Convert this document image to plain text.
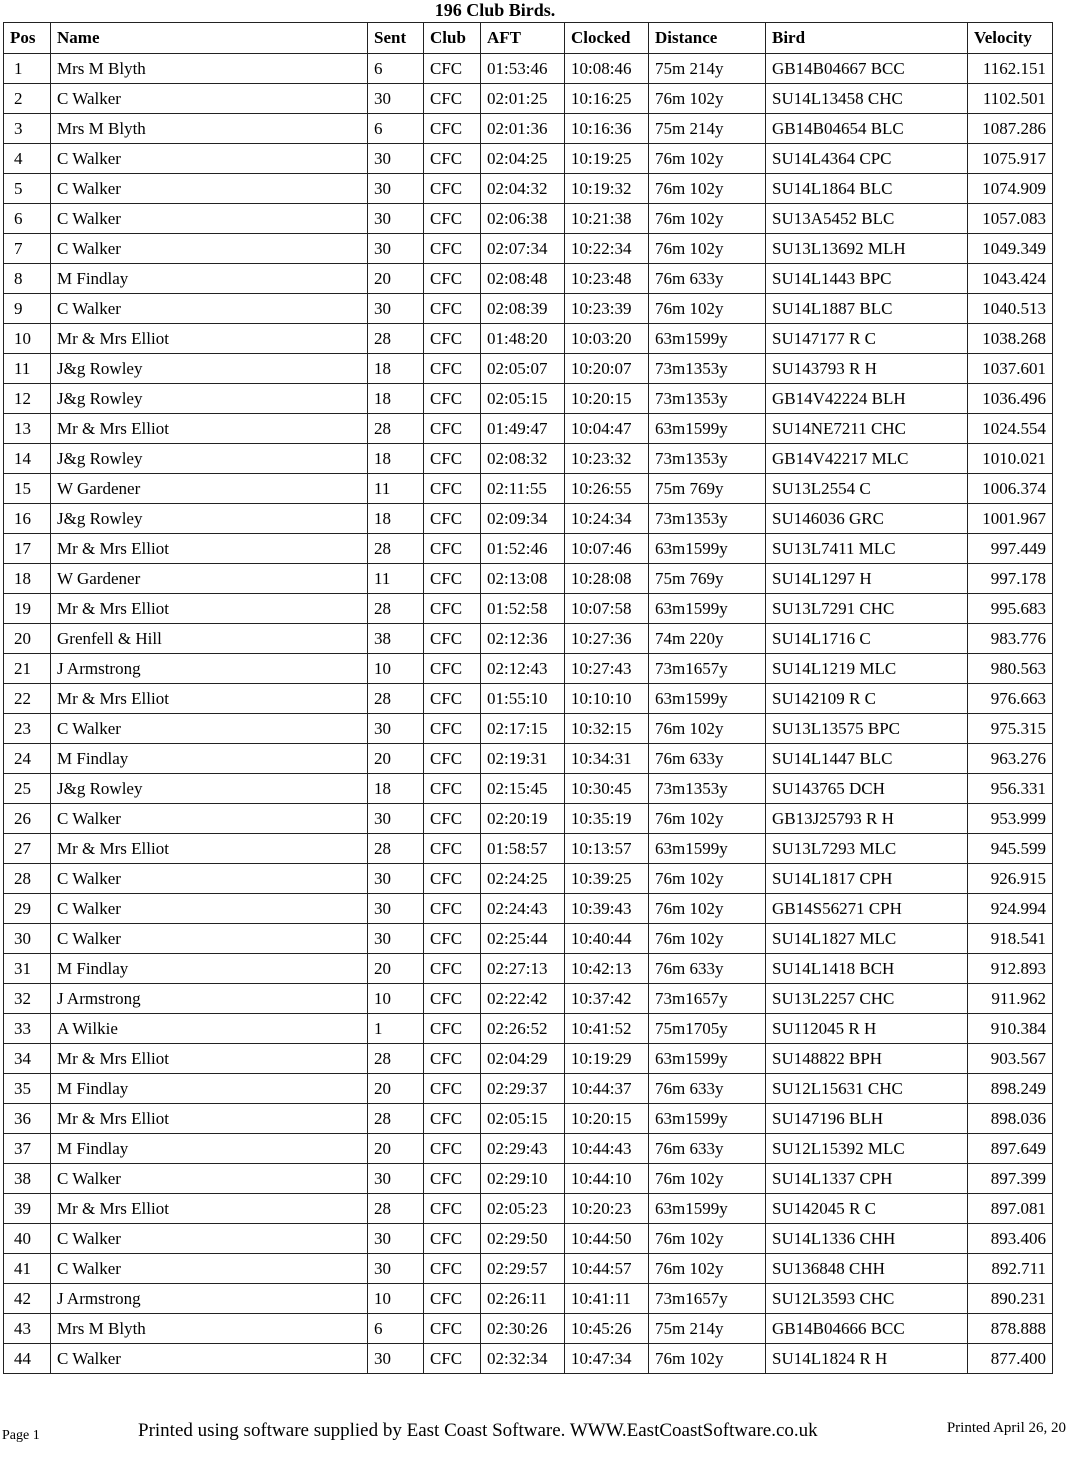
196 Club Birds.
Pos	Name	Sent	Club	AFT	Clocked	Distance	Bird	Velocity
1	Mrs M Blyth	6	CFC	01:53:46	10:08:46	75m 214y	GB14B04667 BCC	1162.151
2	C Walker	30	CFC	02:01:25	10:16:25	76m 102y	SU14L13458 CHC	1102.501
3	Mrs M Blyth	6	CFC	02:01:36	10:16:36	75m 214y	GB14B04654 BLC	1087.286
4	C Walker	30	CFC	02:04:25	10:19:25	76m 102y	SU14L4364 CPC	1075.917
5	C Walker	30	CFC	02:04:32	10:19:32	76m 102y	SU14L1864 BLC	1074.909
6	C Walker	30	CFC	02:06:38	10:21:38	76m 102y	SU13A5452 BLC	1057.083
7	C Walker	30	CFC	02:07:34	10:22:34	76m 102y	SU13L13692 MLH	1049.349
8	M Findlay	20	CFC	02:08:48	10:23:48	76m 633y	SU14L1443 BPC	1043.424
9	C Walker	30	CFC	02:08:39	10:23:39	76m 102y	SU14L1887 BLC	1040.513
10	Mr & Mrs Elliot	28	CFC	01:48:20	10:03:20	63m1599y	SU147177 R C	1038.268
11	J&g Rowley	18	CFC	02:05:07	10:20:07	73m1353y	SU143793 R H	1037.601
12	J&g Rowley	18	CFC	02:05:15	10:20:15	73m1353y	GB14V42224 BLH	1036.496
13	Mr & Mrs Elliot	28	CFC	01:49:47	10:04:47	63m1599y	SU14NE7211 CHC	1024.554
14	J&g Rowley	18	CFC	02:08:32	10:23:32	73m1353y	GB14V42217 MLC	1010.021
15	W Gardener	11	CFC	02:11:55	10:26:55	75m 769y	SU13L2554 C	1006.374
16	J&g Rowley	18	CFC	02:09:34	10:24:34	73m1353y	SU146036 GRC	1001.967
17	Mr & Mrs Elliot	28	CFC	01:52:46	10:07:46	63m1599y	SU13L7411 MLC	997.449
18	W Gardener	11	CFC	02:13:08	10:28:08	75m 769y	SU14L1297 H	997.178
19	Mr & Mrs Elliot	28	CFC	01:52:58	10:07:58	63m1599y	SU13L7291 CHC	995.683
20	Grenfell & Hill	38	CFC	02:12:36	10:27:36	74m 220y	SU14L1716 C	983.776
21	J Armstrong	10	CFC	02:12:43	10:27:43	73m1657y	SU14L1219 MLC	980.563
22	Mr & Mrs Elliot	28	CFC	01:55:10	10:10:10	63m1599y	SU142109 R C	976.663
23	C Walker	30	CFC	02:17:15	10:32:15	76m 102y	SU13L13575 BPC	975.315
24	M Findlay	20	CFC	02:19:31	10:34:31	76m 633y	SU14L1447 BLC	963.276
25	J&g Rowley	18	CFC	02:15:45	10:30:45	73m1353y	SU143765 DCH	956.331
26	C Walker	30	CFC	02:20:19	10:35:19	76m 102y	GB13J25793 R H	953.999
27	Mr & Mrs Elliot	28	CFC	01:58:57	10:13:57	63m1599y	SU13L7293 MLC	945.599
28	C Walker	30	CFC	02:24:25	10:39:25	76m 102y	SU14L1817 CPH	926.915
29	C Walker	30	CFC	02:24:43	10:39:43	76m 102y	GB14S56271 CPH	924.994
30	C Walker	30	CFC	02:25:44	10:40:44	76m 102y	SU14L1827 MLC	918.541
31	M Findlay	20	CFC	02:27:13	10:42:13	76m 633y	SU14L1418 BCH	912.893
32	J Armstrong	10	CFC	02:22:42	10:37:42	73m1657y	SU13L2257 CHC	911.962
33	A Wilkie	1	CFC	02:26:52	10:41:52	75m1705y	SU112045 R H	910.384
34	Mr & Mrs Elliot	28	CFC	02:04:29	10:19:29	63m1599y	SU148822 BPH	903.567
35	M Findlay	20	CFC	02:29:37	10:44:37	76m 633y	SU12L15631 CHC	898.249
36	Mr & Mrs Elliot	28	CFC	02:05:15	10:20:15	63m1599y	SU147196 BLH	898.036
37	M Findlay	20	CFC	02:29:43	10:44:43	76m 633y	SU12L15392 MLC	897.649
38	C Walker	30	CFC	02:29:10	10:44:10	76m 102y	SU14L1337 CPH	897.399
39	Mr & Mrs Elliot	28	CFC	02:05:23	10:20:23	63m1599y	SU142045 R C	897.081
40	C Walker	30	CFC	02:29:50	10:44:50	76m 102y	SU14L1336 CHH	893.406
41	C Walker	30	CFC	02:29:57	10:44:57	76m 102y	SU136848 CHH	892.711
42	J Armstrong	10	CFC	02:26:11	10:41:11	73m1657y	SU12L3593 CHC	890.231
43	Mrs M Blyth	6	CFC	02:30:26	10:45:26	75m 214y	GB14B04666 BCC	878.888
44	C Walker	30	CFC	02:32:34	10:47:34	76m 102y	SU14L1824 R H	877.400
Page 1	Printed using software supplied by East Coast Software. WWW.EastCoastSoftware.co.uk	Printed April 26, 20
